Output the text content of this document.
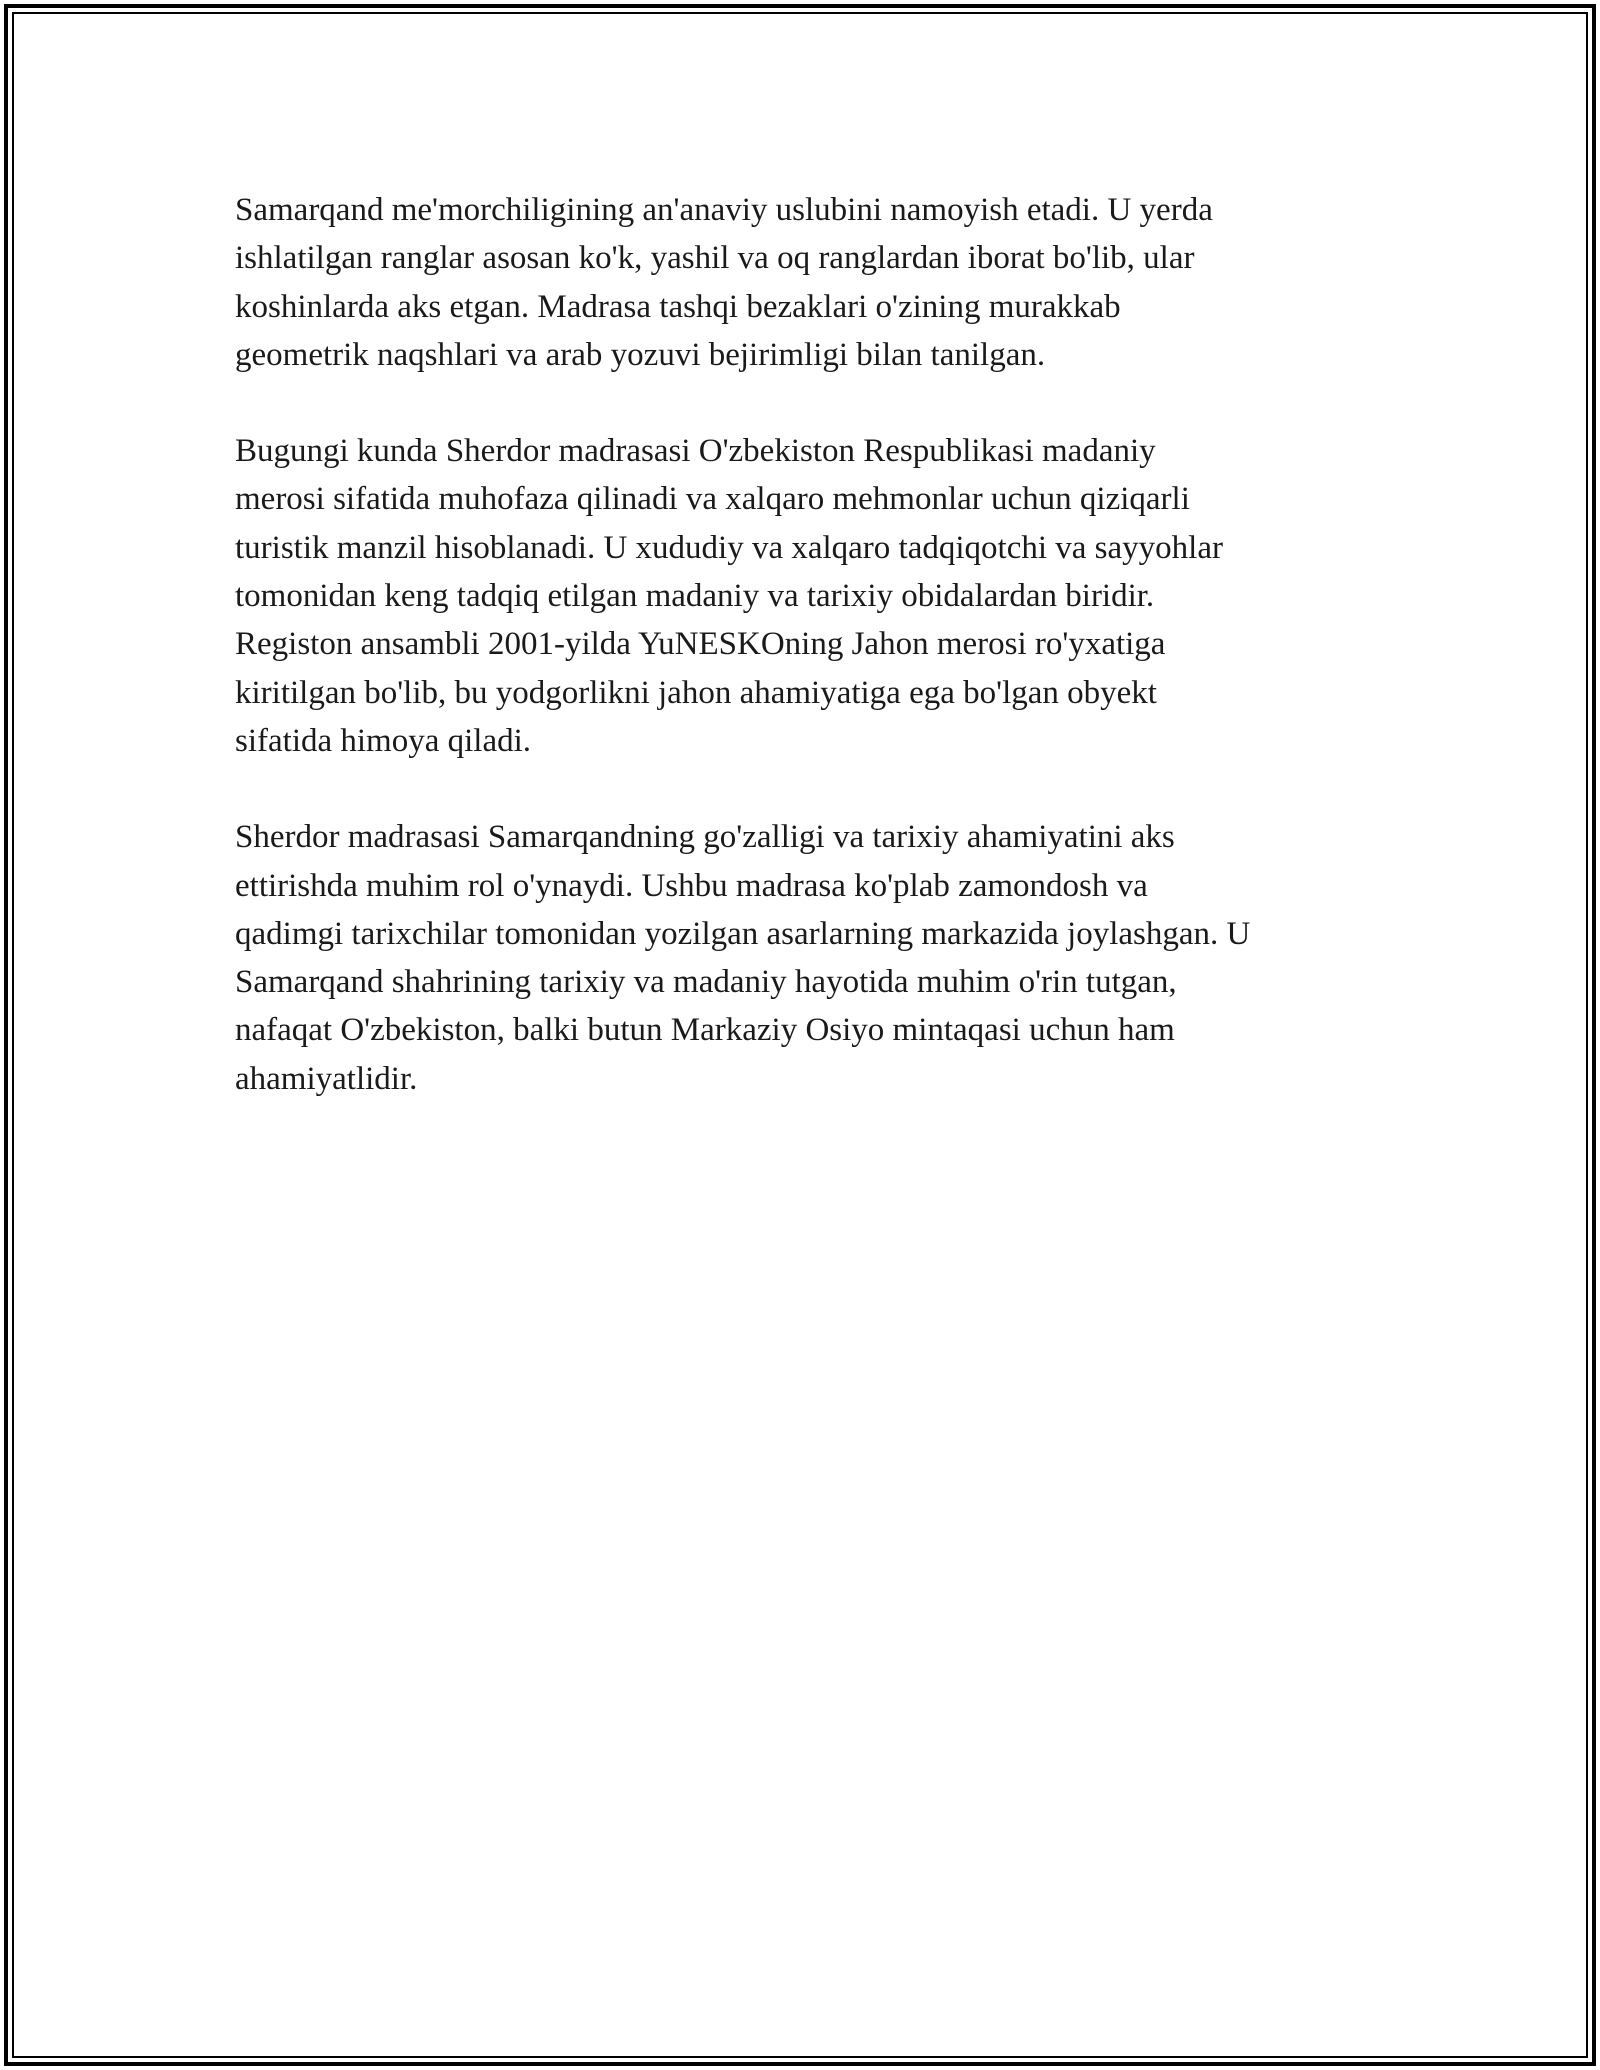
Samarqand me'morchiligining an'anaviy uslubini namoyish etadi. U yerda
ishlatilgan ranglar asosan ko'k, yashil va oq ranglardan iborat bo'lib, ular
koshinlarda aks etgan. Madrasa tashqi bezaklari o'zining murakkab
geometrik naqshlari va arab yozuvi bejirimligi bilan tanilgan.

Bugungi kunda Sherdor madrasasi O'zbekiston Respublikasi madaniy
merosi sifatida muhofaza qilinadi va xalqaro mehmonlar uchun qiziqarli
turistik manzil hisoblanadi. U xududiy va xalqaro tadqiqotchi va sayyohlar
tomonidan keng tadqiq etilgan madaniy va tarixiy obidalardan biridir.
Registon ansambli 2001-yilda YuNESKOning Jahon merosi ro'yxatiga
kiritilgan bo'lib, bu yodgorlikni jahon ahamiyatiga ega bo'lgan obyekt
sifatida himoya qiladi.

Sherdor madrasasi Samarqandning go'zalligi va tarixiy ahamiyatini aks
ettirishda muhim rol o'ynaydi. Ushbu madrasa ko'plab zamondosh va
qadimgi tarixchilar tomonidan yozilgan asarlarning markazida joylashgan. U
Samarqand shahrining tarixiy va madaniy hayotida muhim o'rin tutgan,
nafaqat O'zbekiston, balki butun Markaziy Osiyo mintaqasi uchun ham
ahamiyatlidir.
